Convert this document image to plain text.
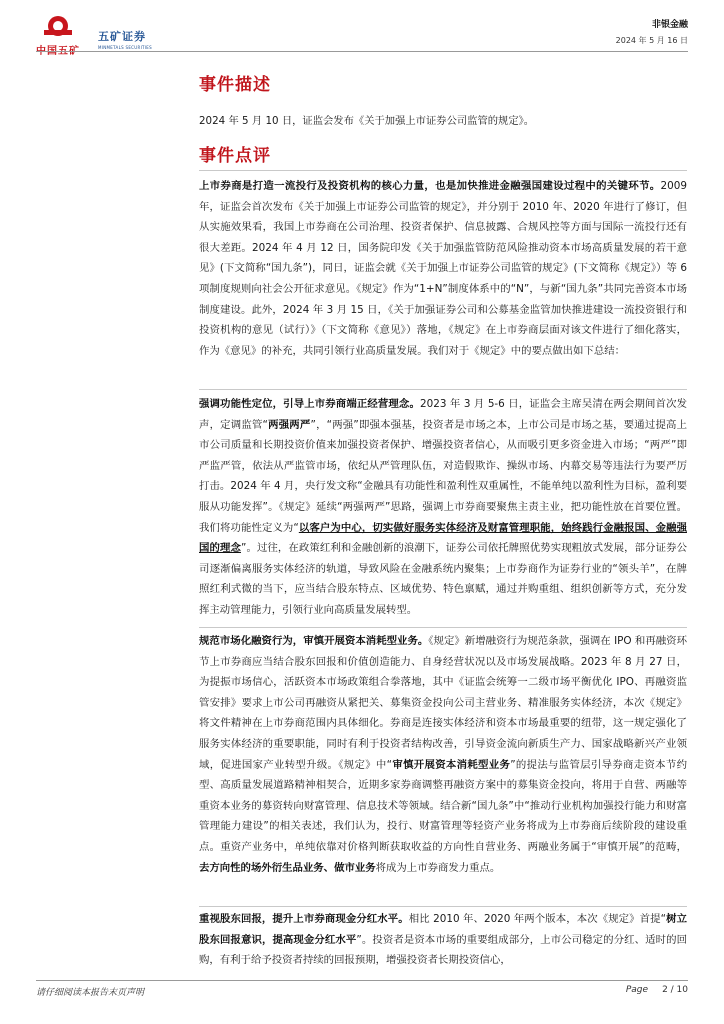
五矿证券
MINMETALS SECURITIES
非银金融
2024 年 5 月 16 日
事件描述
2024 年 5 月 10 日，证监会发布《关于加强上市证券公司监管的规定》。
事件点评
上市券商是打造一流投行及投资机构的核心力量，也是加快推进金融强国建设过程中的关键环节。2009 年，证监会首次发布《关于加强上市证券公司监管的规定》，并分别于 2010 年、2020 年进行了修订，但从实施效果看，我国上市券商在公司治理、投资者保护、信息披露、合规风控等方面与国际一流投行还有很大差距。2024 年 4 月 12 日，国务院印发《关于加强监管防范风险推动资本市场高质量发展的若干意见》(下文简称“国九条”)，同日，证监会就《关于加强上市证券公司监管的规定》(下文简称《规定》）等 6 项制度规则向社会公开征求意见。《规定》作为“1+N”制度体系中的“N”，与新“国九条”共同完善资本市场制度建设。此外，2024 年 3 月 15 日，《关于加强证券公司和公募基金监管加快推进建设一流投资银行和投资机构的意见（试行）》（下文简称《意见》）落地，《规定》在上市券商层面对该文件进行了细化落实，作为《意见》的补充，共同引领行业高质量发展。我们对于《规定》中的要点做出如下总结：
强调功能性定位，引导上市券商端正经营理念。2023 年 3 月 5-6 日，证监会主席吴清在两会期间首次发声，定调监管“两强两严”，“两强”即强本强基，投资者是市场之本，上市公司是市场之基，要通过提高上市公司质量和长期投资价值来加强投资者保护、增强投资者信心，从而吸引更多资金进入市场；“两严”即严监严管，依法从严监管市场，依纪从严管理队伍，对造假欺诈、操纵市场、内幕交易等违法行为要严厉打击。2024 年 4 月，央行发文称“金融具有功能性和盈利性双重属性，不能单纯以盈利性为目标，盈利要服从功能发挥”。《规定》延续“两强两严”思路，强调上市券商要聚焦主责主业，把功能性放在首要位置。我们将功能性定义为“以客户为中心，切实做好服务实体经济及财富管理职能，始终践行金融报国、金融强国的理念”。过往，在政策红利和金融创新的浪潮下，证券公司依托牌照优势实现粗放式发展，部分证券公司逐渐偏离服务实体经济的轨道，导致风险在金融系统内聚集；上市券商作为证券行业的“领头羊”，在牌照红利式微的当下，应当结合股东特点、区域优势、特色禀赋，通过并购重组、组织创新等方式，充分发挥主动管理能力，引领行业向高质量发展转型。
规范市场化融资行为，审慎开展资本消耗型业务。《规定》新增融资行为规范条款，强调在 IPO 和再融资环节上市券商应当结合股东回报和价值创造能力、自身经营状况以及市场发展战略。2023 年 8 月 27 日，为提振市场信心，活跃资本市场政策组合拳落地，其中《证监会统筹一二级市场平衡优化 IPO、再融资监管安排》要求上市公司再融资从紧把关、募集资金投向公司主营业务、精准服务实体经济，本次《规定》将文件精神在上市券商范围内具体细化。券商是连接实体经济和资本市场最重要的纽带，这一规定强化了服务实体经济的重要职能，同时有利于投资者结构改善，引导资金流向新质生产力、国家战略新兴产业领域，促进国家产业转型升级。《规定》中“审慎开展资本消耗型业务”的提法与监管层引导券商走资本节约型、高质量发展道路精神相契合，近期多家券商调整再融资方案中的募集资金投向，将用于自营、两融等重资本业务的募资转向财富管理、信息技术等领域。结合新“国九条”中“推动行业机构加强投行能力和财富管理能力建设”的相关表述，我们认为，投行、财富管理等轻资产业务将成为上市券商后续阶段的建设重点。重资产业务中，单纯依靠对价格判断获取收益的方向性自营业务、两融业务属于“审慎开展”的范畴，去方向性的场外衍生品业务、做市业务将成为上市券商发力重点。
重视股东回报，提升上市券商现金分红水平。相比 2010 年、2020 年两个版本，本次《规定》首提“树立股东回报意识，提高现金分红水平”。投资者是资本市场的重要组成部分，上市公司稳定的分红、适时的回购，有利于给予投资者持续的回报预期，增强投资者长期投资信心，
请仔细阅读本报告末页声明	Page 2 / 10
